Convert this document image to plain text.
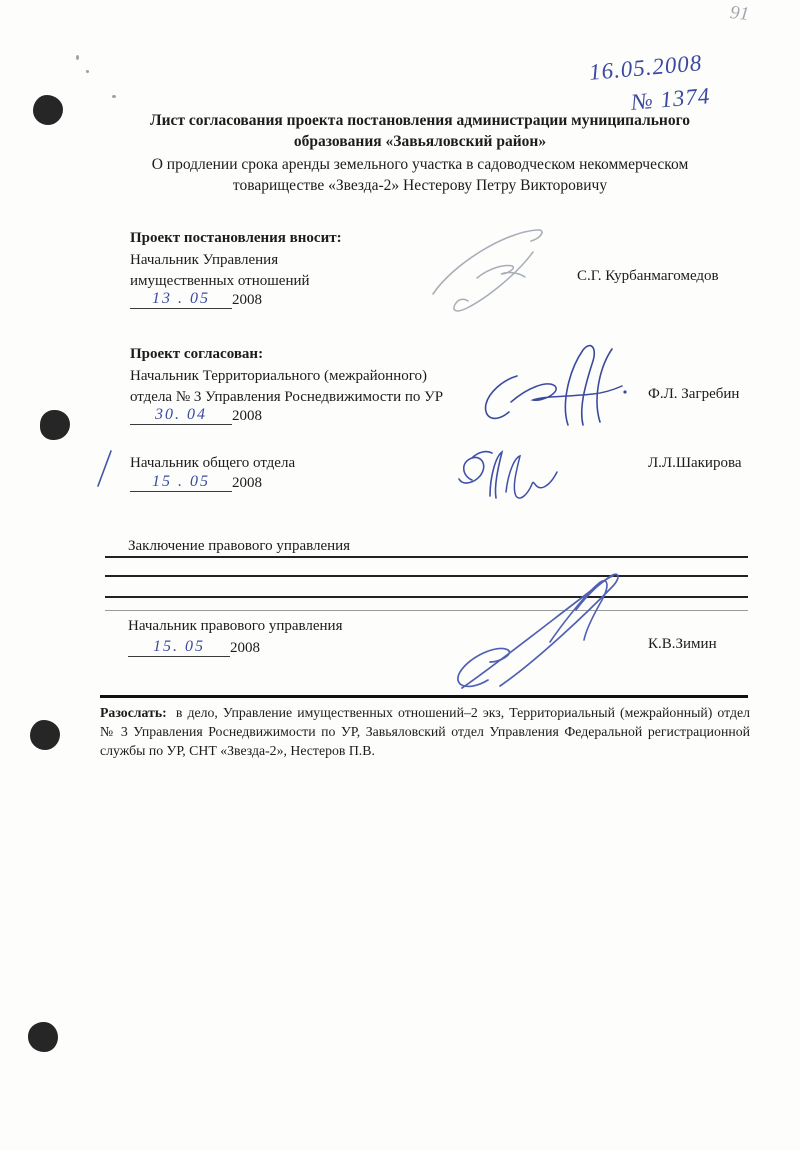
91
16.05.2008
№ 1374
Лист согласования проекта постановления администрации муниципального
образования «Завьяловский район»
О продлении срока аренды земельного участка в садоводческом некоммерческом
товариществе «Звезда-2» Нестерову Петру Викторовичу
Проект постановления вносит:
Начальник Управления
имущественных отношений
13 . 05 2008
С.Г. Курбанмагомедов
Проект согласован:
Начальник Территориального (межрайонного)
отдела № 3 Управления Роснедвижимости по УР
30. 04 2008
Ф.Л. Загребин
Начальник общего отдела
15 . 05 2008
Л.Л.Шакирова
Заключение правового управления
Начальник правового управления
15. 05 2008	К.В.Зимин

Разослать: в дело, Управление имущественных отношений–2 экз, Территориальный (межрайонный) отдел № 3 Управления Роснедвижимости по УР, Завьяловский отдел Управления Федеральной регистрационной службы по УР, СНТ «Звезда-2», Нестеров П.В.
